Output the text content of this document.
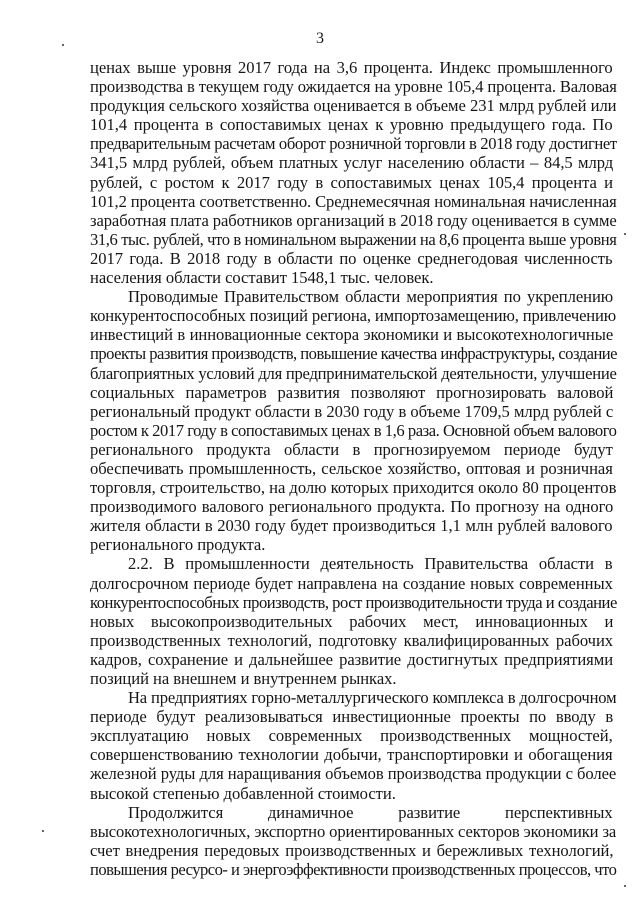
3
ценах выше уровня 2017 года на 3,6 процента. Индекс промышленного
производства в текущем году ожидается на уровне 105,4 процента. Валовая
продукция сельского хозяйства оценивается в объеме 231 млрд рублей или
101,4 процента в сопоставимых ценах к уровню предыдущего года. По
предварительным расчетам оборот розничной торговли в 2018 году достигнет
341,5 млрд рублей, объем платных услуг населению области – 84,5 млрд
рублей, с ростом к 2017 году в сопоставимых ценах 105,4 процента и
101,2 процента соответственно. Среднемесячная номинальная начисленная
заработная плата работников организаций в 2018 году оценивается в сумме
31,6 тыс. рублей, что в номинальном выражении на 8,6 процента выше уровня
2017 года. В 2018 году в области по оценке среднегодовая численность
населения области составит 1548,1 тыс. человек.
Проводимые Правительством области мероприятия по укреплению
конкурентоспособных позиций региона, импортозамещению, привлечению
инвестиций в инновационные сектора экономики и высокотехнологичные
проекты развития производств, повышение качества инфраструктуры, создание
благоприятных условий для предпринимательской деятельности, улучшение
социальных параметров развития позволяют прогнозировать валовой
региональный продукт области в 2030 году в объеме 1709,5 млрд рублей с
ростом к 2017 году в сопоставимых ценах в 1,6 раза. Основной объем валового
регионального продукта области в прогнозируемом периоде будут
обеспечивать промышленность, сельское хозяйство, оптовая и розничная
торговля, строительство, на долю которых приходится около 80 процентов
производимого валового регионального продукта. По прогнозу на одного
жителя области в 2030 году будет производиться 1,1 млн рублей валового
регионального продукта.
2.2. В промышленности деятельность Правительства области в
долгосрочном периоде будет направлена на создание новых современных
конкурентоспособных производств, рост производительности труда и создание
новых высокопроизводительных рабочих мест, инновационных и
производственных технологий, подготовку квалифицированных рабочих
кадров, сохранение и дальнейшее развитие достигнутых предприятиями
позиций на внешнем и внутреннем рынках.
На предприятиях горно-металлургического комплекса в долгосрочном
периоде будут реализовываться инвестиционные проекты по вводу в
эксплуатацию новых современных производственных мощностей,
совершенствованию технологии добычи, транспортировки и обогащения
железной руды для наращивания объемов производства продукции с более
высокой степенью добавленной стоимости.
Продолжится динамичное развитие перспективных
высокотехнологичных, экспортно ориентированных секторов экономики за
счет внедрения передовых производственных и бережливых технологий,
повышения ресурсо- и энергоэффективности производственных процессов, что
